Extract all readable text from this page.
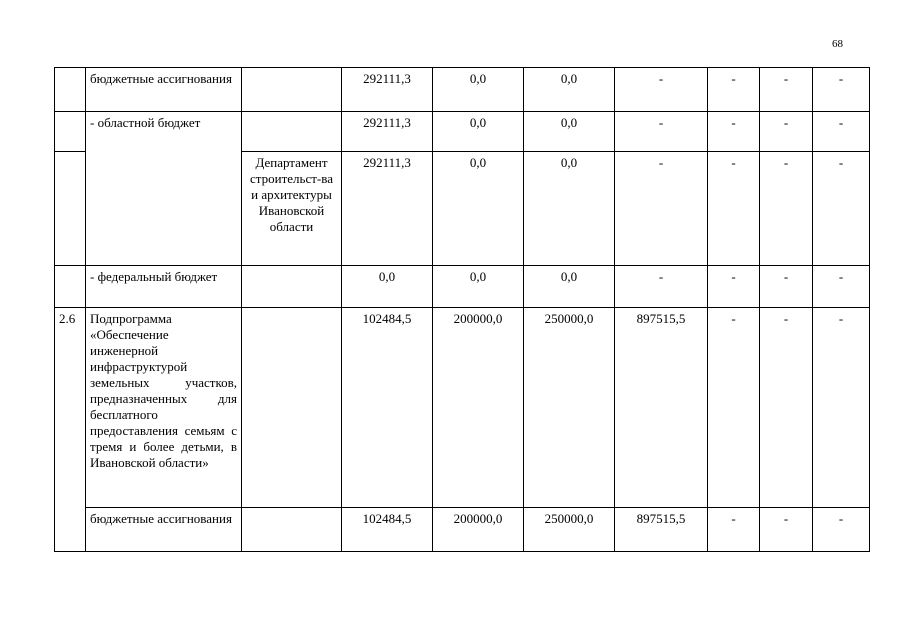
68
	бюджетные ассигнования		292111,3	0,0	0,0	-	-	-	-
	- областной бюджет		292111,3	0,0	0,0	-	-	-	-
		Департамент строительст-ва и архитектуры Ивановской области	292111,3	0,0	0,0	-	-	-	-
	- федеральный бюджет		0,0	0,0	0,0	-	-	-	-
2.6	Подпрограмма «Обеспечение инженерной инфраструктурой земельных участков, предназначенных для бесплатного предоставления семьям с тремя и более детьми, в Ивановской области»		102484,5	200000,0	250000,0	897515,5	-	-	-
	бюджетные ассигнования		102484,5	200000,0	250000,0	897515,5	-	-	-
